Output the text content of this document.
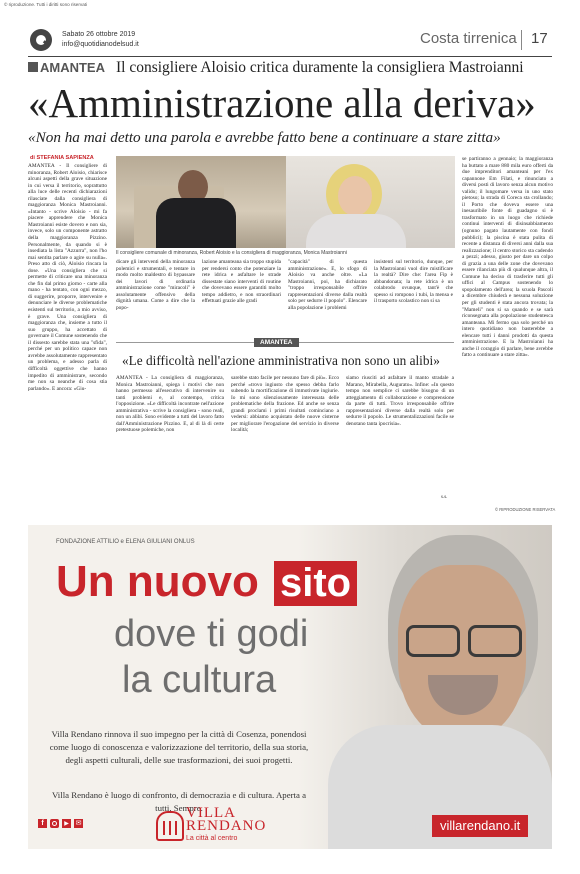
© riproduzione. Tutti i diritti sono riservati
Sabato 26 ottobre 2019
info@quotidianodelsud.it	Costa tirrenica 17
AMANTEA Il consigliere Aloisio critica duramente la consigliera Mastroianni
«Amministrazione alla deriva»
«Non ha mai detto una parola e avrebbe fatto bene a continuare a stare zitta»
di STEFANIA SAPIENZA
Il consigliere comunale di minoranza, Robert Aloisio e la consigliera di maggioranza, Monica Mastroianni
AMANTEA - Il consigliere di minoranza, Robert Aloisio, chiarisce alcuni aspetti della grave situazione in cui versa il territorio, soprattutto alla luce delle recenti dichiarazioni rilasciate dalla consigliera di maggioranza Monica Mastroianni. «Intanto - scrive Aloisio - mi fa piacere apprendere che Monica Mastroianni esiste dovero e non sia, invece, solo un componente astratto della maggioranza Pizzino. Personalmente, da quando si è insediata la lista "Azzurra", non l'ho mai sentita parlare o agire su nulla». Preso atto di ciò, Aloisio rincara la dose. «Una consigliera che si permette di criticare una minoranza che fin dal primo giorno - carte alla mano - ha tentato, con ogni mezzo, di suggerire, proporre, intervenire e denunciare le diverse problematiche esistenti sul territorio, a mio avviso, è grave. Una consigliera di maggioranza che, insieme a tutto il suo gruppo, ha accettato di governare il Comune sostenendo che il dissesto sarebbe stata una "sfida", perché per un politico capace non avrebbe assolutamente rappresentato un problema, e adesso parla di difficoltà oggettive che hanno impedito di amministrare, secondo me non sa neanche di cosa stia parlando». E ancora: «Giu-
dicare gli interventi della minoranza polemici e strumentali, e tentare in modo molto maldestro di bypassare dei lavori di ordinaria amministrazione come "miracoli" è assolutamente offensivo della dignità umana. Come a dire che la popo-
lazione amanteana sia troppo stupida per rendersi conto che potenziare la rete idrica e asfaltare le strade dissestate siano interventi di routine che dovevano essere garantiti molto tempo addietro, e non straordinari effettuati grazie alle gradi
"capacità" di questa amministrazione». E, lo sfogo di Aloisio va anche oltre. «La Mastroianni, poi, ha dichiarato "troppo irresponsabile offrire rappresentazioni diverse dalla realtà solo per sedurre il popolo". Elencare alla popolazione i problemi
insistenti sul territorio, dunque, per la Mastroianni vuol dire mistificare la realtà? Dire che: l'area Fip è abbandonata; la rete idrica è un colabrodo ovunque, tant'è che spesso si rompono i tubi, la mensa e il trasporto scolastico non si sa
se partiranno a gennaio; la maggioranza ha buttato a mare 880 mila euro offerti da due imprenditori amanteani per l'ex capannone Em Filati, e rinunciato a diversi posti di lavoro senza alcun motivo valido; il lungomare versa in uno stato pietoso; la strada di Coreca sta crollando; il Porto che doveva essere una inesauribile fonte di guadagno si è trasformato in un luogo che richiede continui interventi di disinsabbiamento (ognuno pagato lautamente con fondi pubblici); la piscina è stata pulita di recente a distanza di diversi anni dalla sua realizzazione; il centro storico sta cadendo a pezzi; adesso, giusto per dare un colpo di grazia a una delle zone che dovevano essere rilanciata più di qualunque altra, il Comune ha deciso di trasferire tutti gli uffici al Campus sostenendo lo spopolamento dell'area; la scuola Pascoli a dicembre chiuderà e nessuna soluzione per gli studenti è stata ancora trovata; la "Mameli" non si sa quando e se sarà riconsegnata alla popolazione studentesca amanteana. Mi fermo qua solo perché un intero quotidiano non basterebbe a elencare tutti i danni prodotti da questa amministrazione. E la Mastroianni ha anche il coraggio di parlare, bene avrebbe fatto a continuare a stare zitta».
© RIPRODUZIONE RISERVATA
AMANTEA
«Le difficoltà nell'azione amministrativa non sono un alibi»
AMANTEA - La consigliera di maggioranza, Monica Mastroianni, spiega i motivi che non hanno permesso all'esecutivo di intervenire su tanti problemi e, al contempo, critica l'opposizione. «Le difficoltà incontrate nell'azione amministrativa - scrive la consigliera - sono reali, non un alibi. Sono evidente a tutti del lavoro fatto dall'Amministrazione Pizzino. E, al di là di certe pretestuose polemiche, non
sarebbe stato facile per nessuno fare di più». Ecco perché «trovo ingiusto che spesso debba farlo subendo la mortificazione di immotivate ingiurie. Io mi sono silenziosamente interessata delle problematiche della frazione. Ed anche se senza grandi proclami i primi risultati cominciano a vedersi: abbiamo acquistato delle nuove cisterne per migliorare l'erogazione del servizio in diverse località;
siamo riusciti ad asfaltare il manto stradale a Marano, Mirabella, Augurato». Infine: «In questo tempo non semplice ci sarebbe bisogno di un atteggiamento di collaborazione e comprensione da parte di tutti. Trovo irresponsabile offrire rappresentazioni diverse dalla realtà solo per sedurre il popolo. Le strumentalizzazioni facile se denotano tanta ipocrisia».
s.s.
FONDAZIONE ATTILIO e ELENA GIULIANI ONLUS
Un nuovo sito
dove ti godi
la cultura
Villa Rendano rinnova il suo impegno per la città di Cosenza, ponendosi come luogo di conoscenza e valorizzazione del territorio, della sua storia, degli aspetti culturali, delle sue trasformazioni, dei suoi progetti.
Villa Rendano è luogo di confronto, di democrazia e di cultura. Aperta a tutti. Sempre.
f	▶ ✉
VILLA
RENDANO
La città al centro
villarendano.it
